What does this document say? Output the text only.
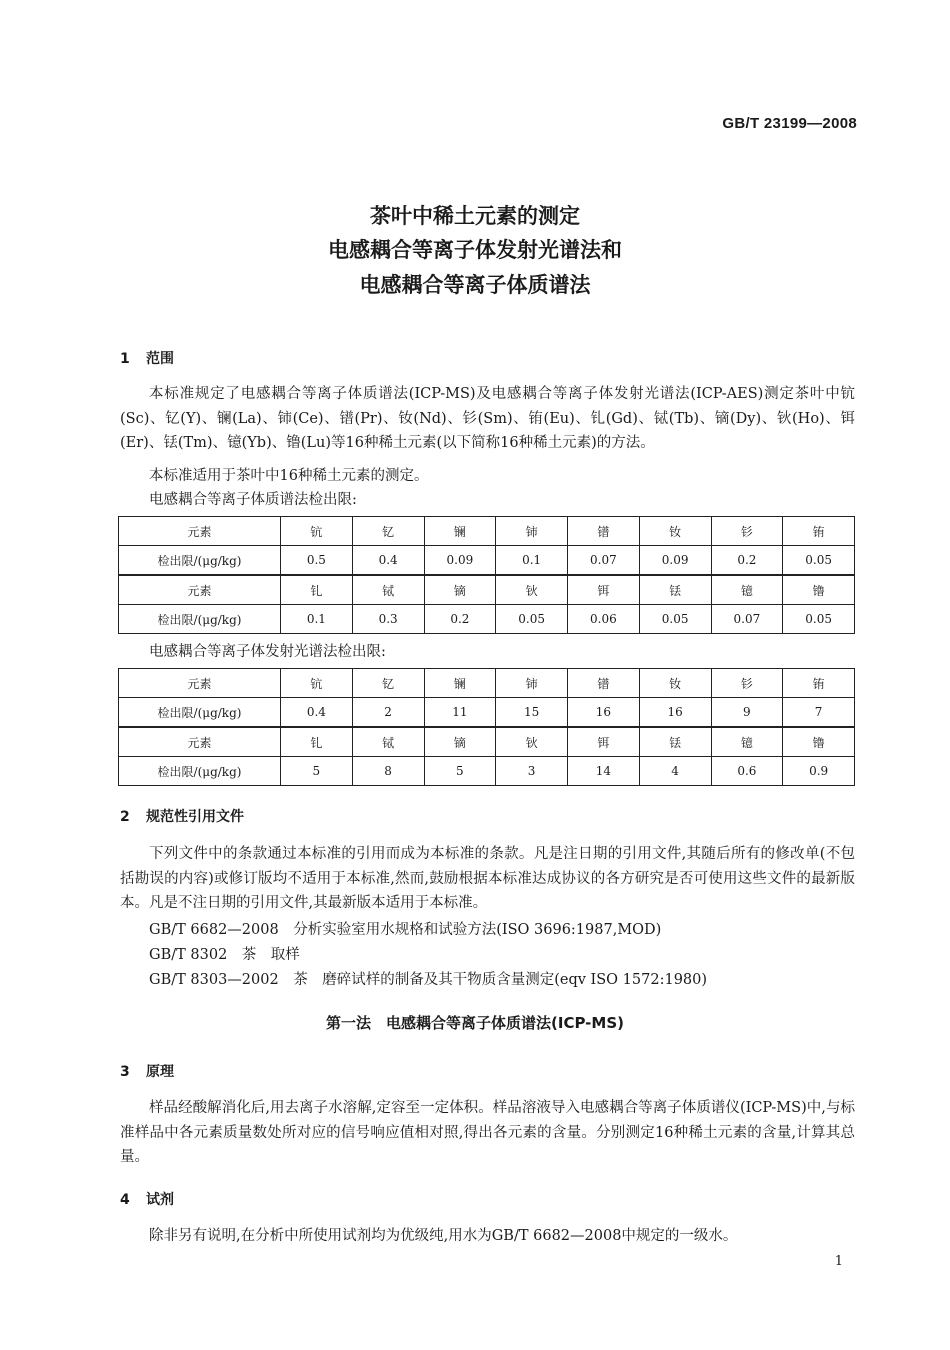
GB/T 23199—2008
茶叶中稀土元素的测定
电感耦合等离子体发射光谱法和
电感耦合等离子体质谱法
1 范围

本标准规定了电感耦合等离子体质谱法(ICP-MS)及电感耦合等离子体发射光谱法(ICP-AES)测定茶叶中钪(Sc)、钇(Y)、镧(La)、铈(Ce)、镨(Pr)、钕(Nd)、钐(Sm)、铕(Eu)、钆(Gd)、铽(Tb)、镝(Dy)、钬(Ho)、铒(Er)、铥(Tm)、镱(Yb)、镥(Lu)等16种稀土元素(以下简称16种稀土元素)的方法。

本标准适用于茶叶中16种稀土元素的测定。
电感耦合等离子体质谱法检出限:
元素	钪	钇	镧	铈	镨	钕	钐	铕
检出限/(μg/kg)	0.5	0.4	0.09	0.1	0.07	0.09	0.2	0.05
元素	钆	铽	镝	钬	铒	铥	镱	镥
检出限/(μg/kg)	0.1	0.3	0.2	0.05	0.06	0.05	0.07	0.05
电感耦合等离子体发射光谱法检出限:
元素	钪	钇	镧	铈	镨	钕	钐	铕
检出限/(μg/kg)	0.4	2	11	15	16	16	9	7
元素	钆	铽	镝	钬	铒	铥	镱	镥
检出限/(μg/kg)	5	8	5	3	14	4	0.6	0.9
2 规范性引用文件

下列文件中的条款通过本标准的引用而成为本标准的条款。凡是注日期的引用文件,其随后所有的修改单(不包括勘误的内容)或修订版均不适用于本标准,然而,鼓励根据本标准达成协议的各方研究是否可使用这些文件的最新版本。凡是不注日期的引用文件,其最新版本适用于本标准。

GB/T 6682—2008　分析实验室用水规格和试验方法(ISO 3696:1987,MOD)
GB/T 8302　茶　取样
GB/T 8303—2002　茶　磨碎试样的制备及其干物质含量测定(eqv ISO 1572:1980)
第一法　电感耦合等离子体质谱法(ICP-MS)
3 原理

样品经酸解消化后,用去离子水溶解,定容至一定体积。样品溶液导入电感耦合等离子体质谱仪(ICP-MS)中,与标准样品中各元素质量数处所对应的信号响应值相对照,得出各元素的含量。分别测定16种稀土元素的含量,计算其总量。

4 试剂

除非另有说明,在分析中所使用试剂均为优级纯,用水为GB/T 6682—2008中规定的一级水。

1
